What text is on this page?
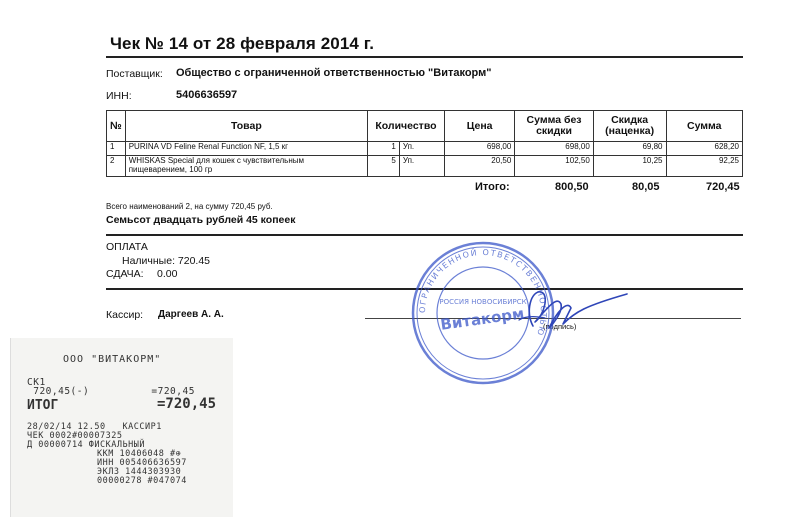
Чек № 14 от 28 февраля 2014 г.
Поставщик: Общество с ограниченной ответственностью "Витакорм"
ИНН:	5406636597
№	Товар	Количество		Цена	Сумма без скидки	Скидка (наценка)	Сумма
1	PURINA VD Feline Renal Function NF, 1,5 кг	1	Уп.	698,00	698,00	69,80	628,20
2	WHISKAS Special для кошек с чувствительным пищеварением, 100 гр	5	Уп.	20,50	102,50	10,25	92,25
Итого:	800,50	80,05	720,45
Всего наименований 2, на сумму 720,45 руб.
Семьсот двадцать рублей 45 копеек
ОПЛАТА
Наличные: 720.45
СДАЧА: 0.00
Кассир: Даргеев А. А.
(подпись)
ОГРАНИЧЕННОЙ ОТВЕТСТВЕННОСТЬЮ
РОССИЯ НОВОСИБИРСК
Витакорм
ООО "ВИТАКОРМ"
СК1
720,45(-)          =720,45
ИТОГ	=720,45
28/02/14 12.50   КАССИР1
ЧЕК 0002#00007325
Д 00000714 ФИСКАЛЬНЫЙ
ККМ 10406048 #⊕
ИНН 005406636597
ЭКЛЗ 1444303930
00000278 #047074
